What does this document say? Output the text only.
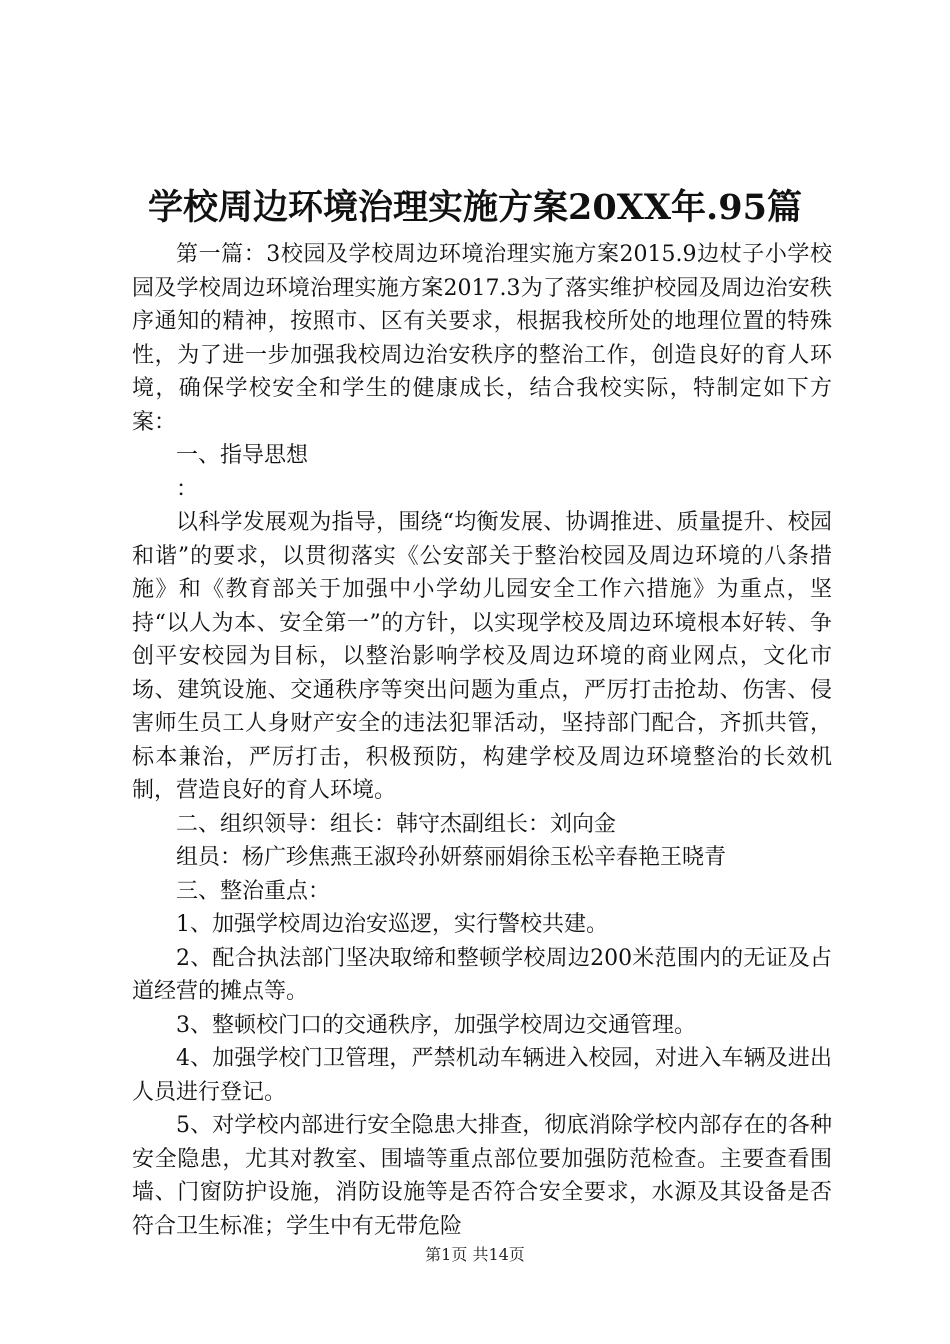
学校周边环境治理实施方案20XX年.95篇

第一篇：3校园及学校周边环境治理实施方案2015.9边杖子小学校园及学校周边环境治理实施方案2017.3为了落实维护校园及周边治安秩序通知的精神，按照市、区有关要求，根据我校所处的地理位置的特殊性，为了进一步加强我校周边治安秩序的整治工作，创造良好的育人环境，确保学校安全和学生的健康成长，结合我校实际，特制定如下方案：

一、指导思想

：

以科学发展观为指导，围绕“均衡发展、协调推进、质量提升、校园和谐”的要求，以贯彻落实《公安部关于整治校园及周边环境的八条措施》和《教育部关于加强中小学幼儿园安全工作六措施》为重点，坚持“以人为本、安全第一”的方针，以实现学校及周边环境根本好转、争创平安校园为目标，以整治影响学校及周边环境的商业网点，文化市场、建筑设施、交通秩序等突出问题为重点，严厉打击抢劫、伤害、侵害师生员工人身财产安全的违法犯罪活动，坚持部门配合，齐抓共管，标本兼治，严厉打击，积极预防，构建学校及周边环境整治的长效机制，营造良好的育人环境。

二、组织领导：组长：韩守杰副组长：刘向金

组员：杨广珍焦燕王淑玲孙妍蔡丽娟徐玉松辛春艳王晓青

三、整治重点：

1、加强学校周边治安巡逻，实行警校共建。

2、配合执法部门坚决取缔和整顿学校周边200米范围内的无证及占道经营的摊点等。

3、整顿校门口的交通秩序，加强学校周边交通管理。

4、加强学校门卫管理，严禁机动车辆进入校园，对进入车辆及进出人员进行登记。

5、对学校内部进行安全隐患大排查，彻底消除学校内部存在的各种安全隐患，尤其对教室、围墙等重点部位要加强防范检查。主要查看围墙、门窗防护设施，消防设施等是否符合安全要求，水源及其设备是否符合卫生标准；学生中有无带危险

第1页 共14页
